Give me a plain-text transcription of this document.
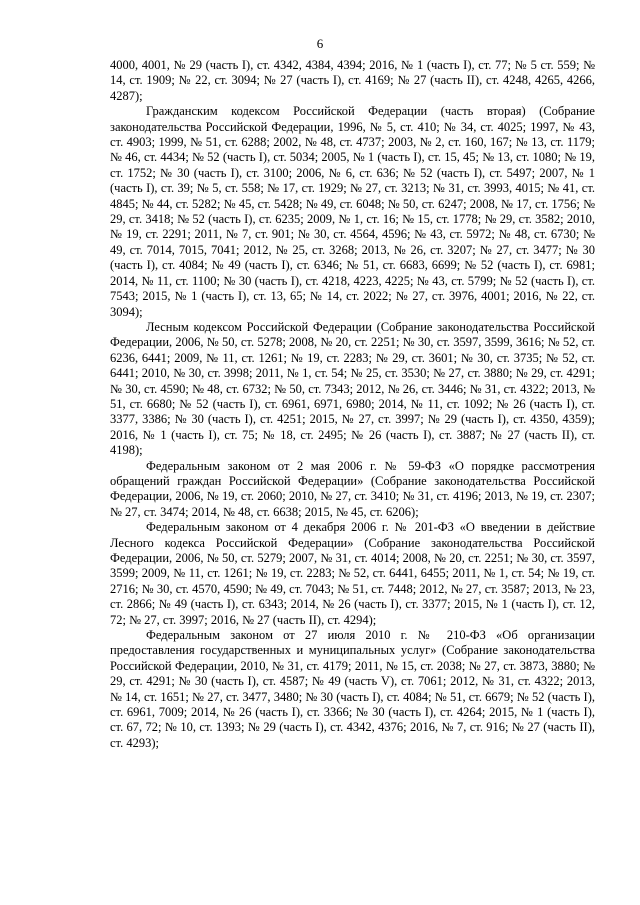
6

4000, 4001, № 29 (часть I), ст. 4342, 4384, 4394; 2016, № 1 (часть I), ст. 77; № 5 ст. 559; № 14, ст. 1909; № 22, ст. 3094; № 27 (часть I), ст. 4169; № 27 (часть II), ст. 4248, 4265, 4266, 4287);

Гражданским кодексом Российской Федерации (часть вторая) (Собрание законодательства Российской Федерации, 1996, № 5, ст. 410; № 34, ст. 4025; 1997, № 43, ст. 4903; 1999, № 51, ст. 6288; 2002, № 48, ст. 4737; 2003, № 2, ст. 160, 167; № 13, ст. 1179; № 46, ст. 4434; № 52 (часть I), ст. 5034; 2005, № 1 (часть I), ст. 15, 45; № 13, ст. 1080; № 19, ст. 1752; № 30 (часть I), ст. 3100; 2006, № 6, ст. 636; № 52 (часть I), ст. 5497; 2007, № 1 (часть I), ст. 39; № 5, ст. 558; № 17, ст. 1929; № 27, ст. 3213; № 31, ст. 3993, 4015; № 41, ст. 4845; № 44, ст. 5282; № 45, ст. 5428; № 49, ст. 6048; № 50, ст. 6247; 2008, № 17, ст. 1756; № 29, ст. 3418; № 52 (часть I), ст. 6235; 2009, № 1, ст. 16; № 15, ст. 1778; № 29, ст. 3582; 2010, № 19, ст. 2291; 2011, № 7, ст. 901; № 30, ст. 4564, 4596; № 43, ст. 5972; № 48, ст. 6730; № 49, ст. 7014, 7015, 7041; 2012, № 25, ст. 3268; 2013, № 26, ст. 3207; № 27, ст. 3477; № 30 (часть I), ст. 4084; № 49 (часть I), ст. 6346; № 51, ст. 6683, 6699; № 52 (часть I), ст. 6981; 2014, № 11, ст. 1100; № 30 (часть I), ст. 4218, 4223, 4225; № 43, ст. 5799; № 52 (часть I), ст. 7543; 2015, № 1 (часть I), ст. 13, 65; № 14, ст. 2022; № 27, ст. 3976, 4001; 2016, № 22, ст. 3094);

Лесным кодексом Российской Федерации (Собрание законодательства Российской Федерации, 2006, № 50, ст. 5278; 2008, № 20, ст. 2251; № 30, ст. 3597, 3599, 3616; № 52, ст. 6236, 6441; 2009, № 11, ст. 1261; № 19, ст. 2283; № 29, ст. 3601; № 30, ст. 3735; № 52, ст. 6441; 2010, № 30, ст. 3998; 2011, № 1, ст. 54; № 25, ст. 3530; № 27, ст. 3880; № 29, ст. 4291; № 30, ст. 4590; № 48, ст. 6732; № 50, ст. 7343; 2012, № 26, ст. 3446; № 31, ст. 4322; 2013, № 51, ст. 6680; № 52 (часть I), ст. 6961, 6971, 6980; 2014, № 11, ст. 1092; № 26 (часть I), ст. 3377, 3386; № 30 (часть I), ст. 4251; 2015, № 27, ст. 3997; № 29 (часть I), ст. 4350, 4359); 2016, № 1 (часть I), ст. 75; № 18, ст. 2495; № 26 (часть I), ст. 3887; № 27 (часть II), ст. 4198);

Федеральным законом от 2 мая 2006 г. № 59-ФЗ «О порядке рассмотрения обращений граждан Российской Федерации» (Собрание законодательства Российской Федерации, 2006, № 19, ст. 2060; 2010, № 27, ст. 3410; № 31, ст. 4196; 2013, № 19, ст. 2307; № 27, ст. 3474; 2014, № 48, ст. 6638; 2015, № 45, ст. 6206);

Федеральным законом от 4 декабря 2006 г. № 201-ФЗ «О введении в действие Лесного кодекса Российской Федерации» (Собрание законодательства Российской Федерации, 2006, № 50, ст. 5279; 2007, № 31, ст. 4014; 2008, № 20, ст. 2251; № 30, ст. 3597, 3599; 2009, № 11, ст. 1261; № 19, ст. 2283; № 52, ст. 6441, 6455; 2011, № 1, ст. 54; № 19, ст. 2716; № 30, ст. 4570, 4590; № 49, ст. 7043; № 51, ст. 7448; 2012, № 27, ст. 3587; 2013, № 23, ст. 2866; № 49 (часть I), ст. 6343; 2014, № 26 (часть I), ст. 3377; 2015, № 1 (часть I), ст. 12, 72; № 27, ст. 3997; 2016, № 27 (часть II), ст. 4294);

Федеральным законом от 27 июля 2010 г. № 210-ФЗ «Об организации предоставления государственных и муниципальных услуг» (Собрание законодательства Российской Федерации, 2010, № 31, ст. 4179; 2011, № 15, ст. 2038; № 27, ст. 3873, 3880; № 29, ст. 4291; № 30 (часть I), ст. 4587; № 49 (часть V), ст. 7061; 2012, № 31, ст. 4322; 2013, № 14, ст. 1651; № 27, ст. 3477, 3480; № 30 (часть I), ст. 4084; № 51, ст. 6679; № 52 (часть I), ст. 6961, 7009; 2014, № 26 (часть I), ст. 3366; № 30 (часть I), ст. 4264; 2015, № 1 (часть I), ст. 67, 72; № 10, ст. 1393; № 29 (часть I), ст. 4342, 4376; 2016, № 7, ст. 916; № 27 (часть II), ст. 4293);
